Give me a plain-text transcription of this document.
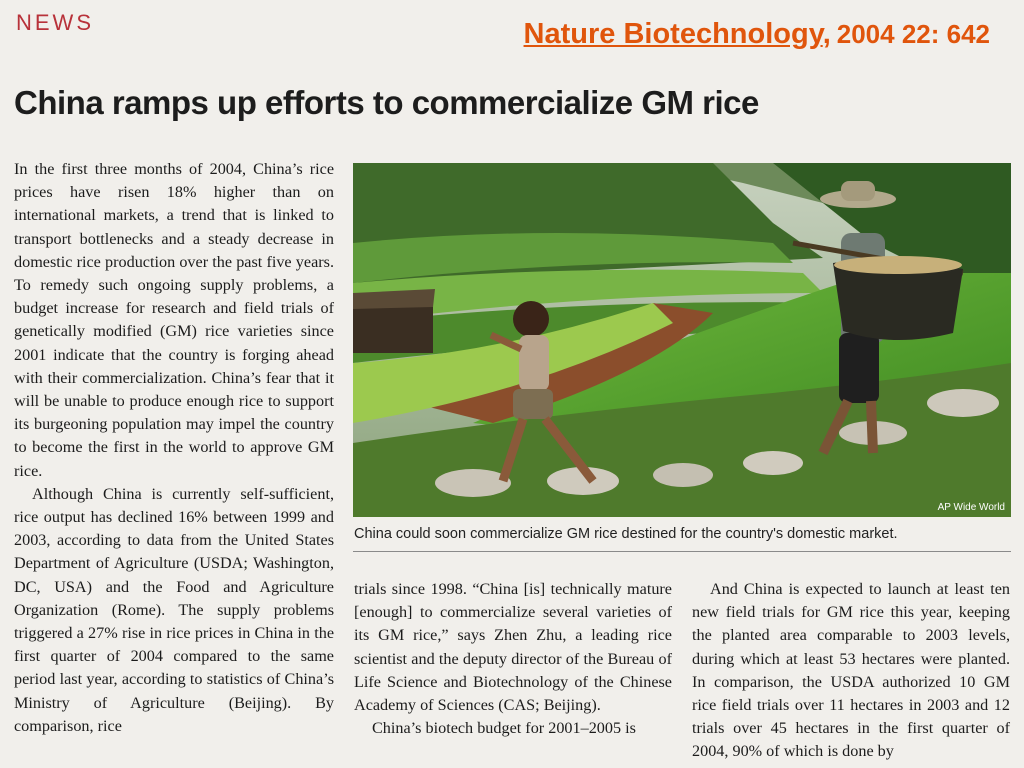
NEWS	Nature Biotechnology, 2004 22: 642
China ramps up efforts to commercialize GM rice

In the first three months of 2004, China’s rice prices have risen 18% higher than on international markets, a trend that is linked to transport bottlenecks and a steady decrease in domestic rice production over the past five years. To remedy such ongoing supply problems, a budget increase for research and field trials of genetically modified (GM) rice varieties since 2001 indicate that the country is forging ahead with their commercialization. China’s fear that it will be unable to produce enough rice to support its burgeoning population may impel the country to become the first in the world to approve GM rice.

Although China is currently self-sufficient, rice output has declined 16% between 1999 and 2003, according to data from the United States Department of Agriculture (USDA; Washington, DC, USA) and the Food and Agriculture Organization (Rome). The supply problems triggered a 27% rise in rice prices in China in the first quarter of 2004 compared to the same period last year, according to statistics of China’s Ministry of Agriculture (Beijing). By comparison, rice

AP Wide World
China could soon commercialize GM rice destined for the country's domestic market.

trials since 1998. “China [is] technically mature [enough] to commercialize several varieties of its GM rice,” says Zhen Zhu, a leading rice scientist and the deputy director of the Bureau of Life Science and Biotechnology of the Chinese Academy of Sciences (CAS; Beijing).

China’s biotech budget for 2001–2005 is

And China is expected to launch at least ten new field trials for GM rice this year, keeping the planted area comparable to 2003 levels, during which at least 53 hectares were planted. In comparison, the USDA authorized 10 GM rice field trials over 11 hectares in 2003 and 12 trials over 45 hectares in the first quarter of 2004, 90% of which is done by
